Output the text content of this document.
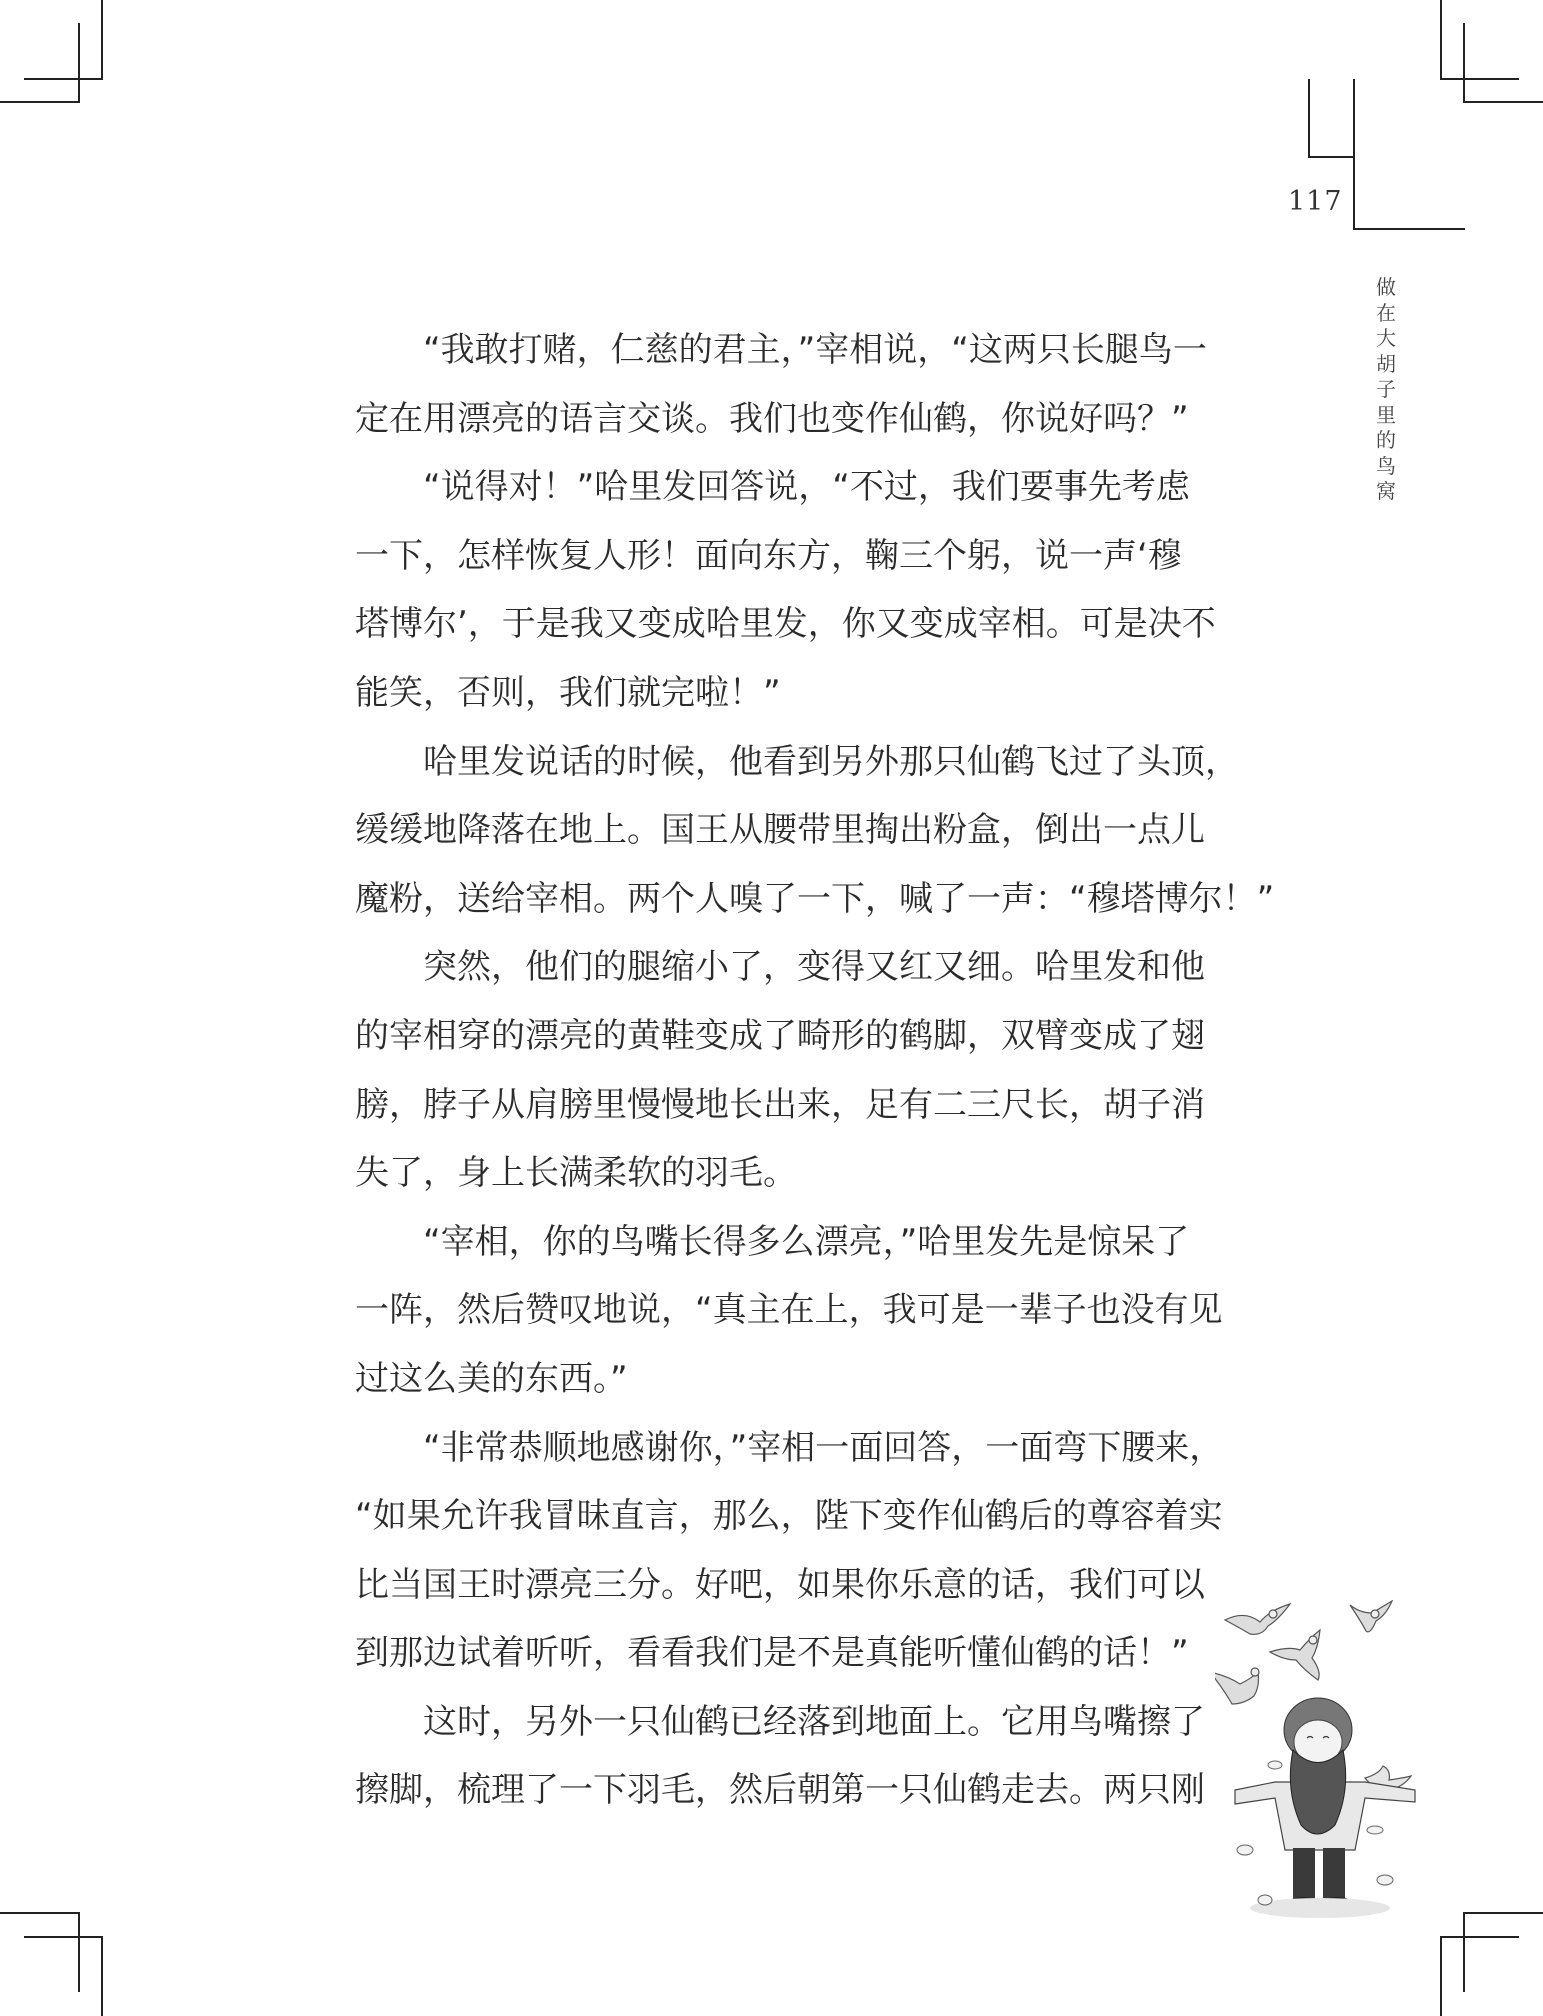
117
做
在
大
胡
子
里
的
鸟
窝
“我敢打赌，仁慈的君主，”宰相说，“这两只长腿鸟一
定在用漂亮的语言交谈。我们也变作仙鹤，你说好吗？”
“说得对！”哈里发回答说，“不过，我们要事先考虑
一下，怎样恢复人形！面向东方，鞠三个躬，说一声‘穆
塔博尔’，于是我又变成哈里发，你又变成宰相。可是决不
能笑，否则，我们就完啦！”
哈里发说话的时候，他看到另外那只仙鹤飞过了头顶，
缓缓地降落在地上。国王从腰带里掏出粉盒，倒出一点儿
魔粉，送给宰相。两个人嗅了一下，喊了一声：“穆塔博尔！”
突然，他们的腿缩小了，变得又红又细。哈里发和他
的宰相穿的漂亮的黄鞋变成了畸形的鹤脚，双臂变成了翅
膀，脖子从肩膀里慢慢地长出来，足有二三尺长，胡子消
失了，身上长满柔软的羽毛。
“宰相，你的鸟嘴长得多么漂亮，”哈里发先是惊呆了
一阵，然后赞叹地说，“真主在上，我可是一辈子也没有见
过这么美的东西。”
“非常恭顺地感谢你，”宰相一面回答，一面弯下腰来，
“如果允许我冒昧直言，那么，陛下变作仙鹤后的尊容着实
比当国王时漂亮三分。好吧，如果你乐意的话，我们可以
到那边试着听听，看看我们是不是真能听懂仙鹤的话！”
这时，另外一只仙鹤已经落到地面上。它用鸟嘴擦了
擦脚，梳理了一下羽毛，然后朝第一只仙鹤走去。两只刚
